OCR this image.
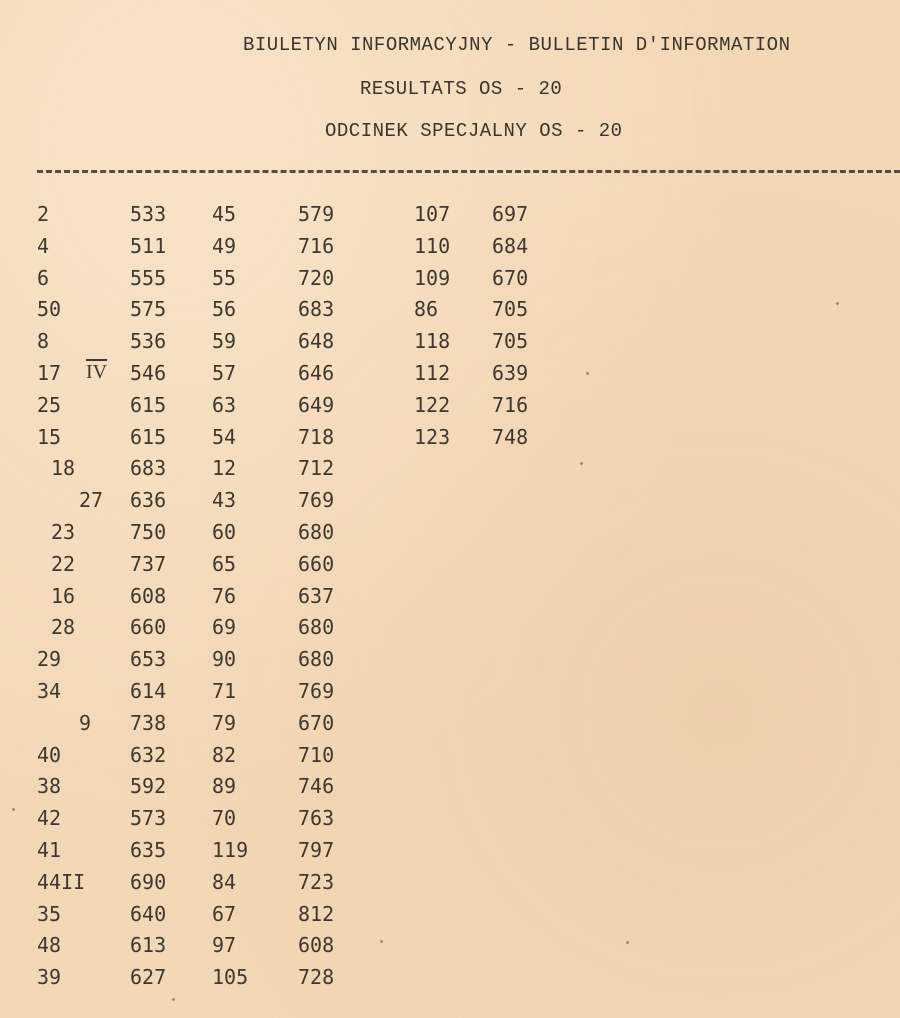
BIULETYN INFORMACYJNY - BULLETIN D'INFORMATION
RESULTATS OS - 20
ODCINEK SPECJALNY OS - 20
2
4
6
50
8
17
25
15
18
27
23
22
16
28
29
34
9
40
38
42
41
44II
35
48
39
533
511
555
575
536
546
615
615
683
636
750
737
608
660
653
614
738
632
592
573
635
690
640
613
627
45
49
55
56
59
57
63
54
12
43
60
65
76
69
90
71
79
82
89
70
119
84
67
97
105
579
716
720
683
648
646
649
718
712
769
680
660
637
680
680
769
670
710
746
763
797
723
812
608
728
107
110
109
86
118
112
122
123
697
684
670
705
705
639
716
748
$\overline{IV}$
